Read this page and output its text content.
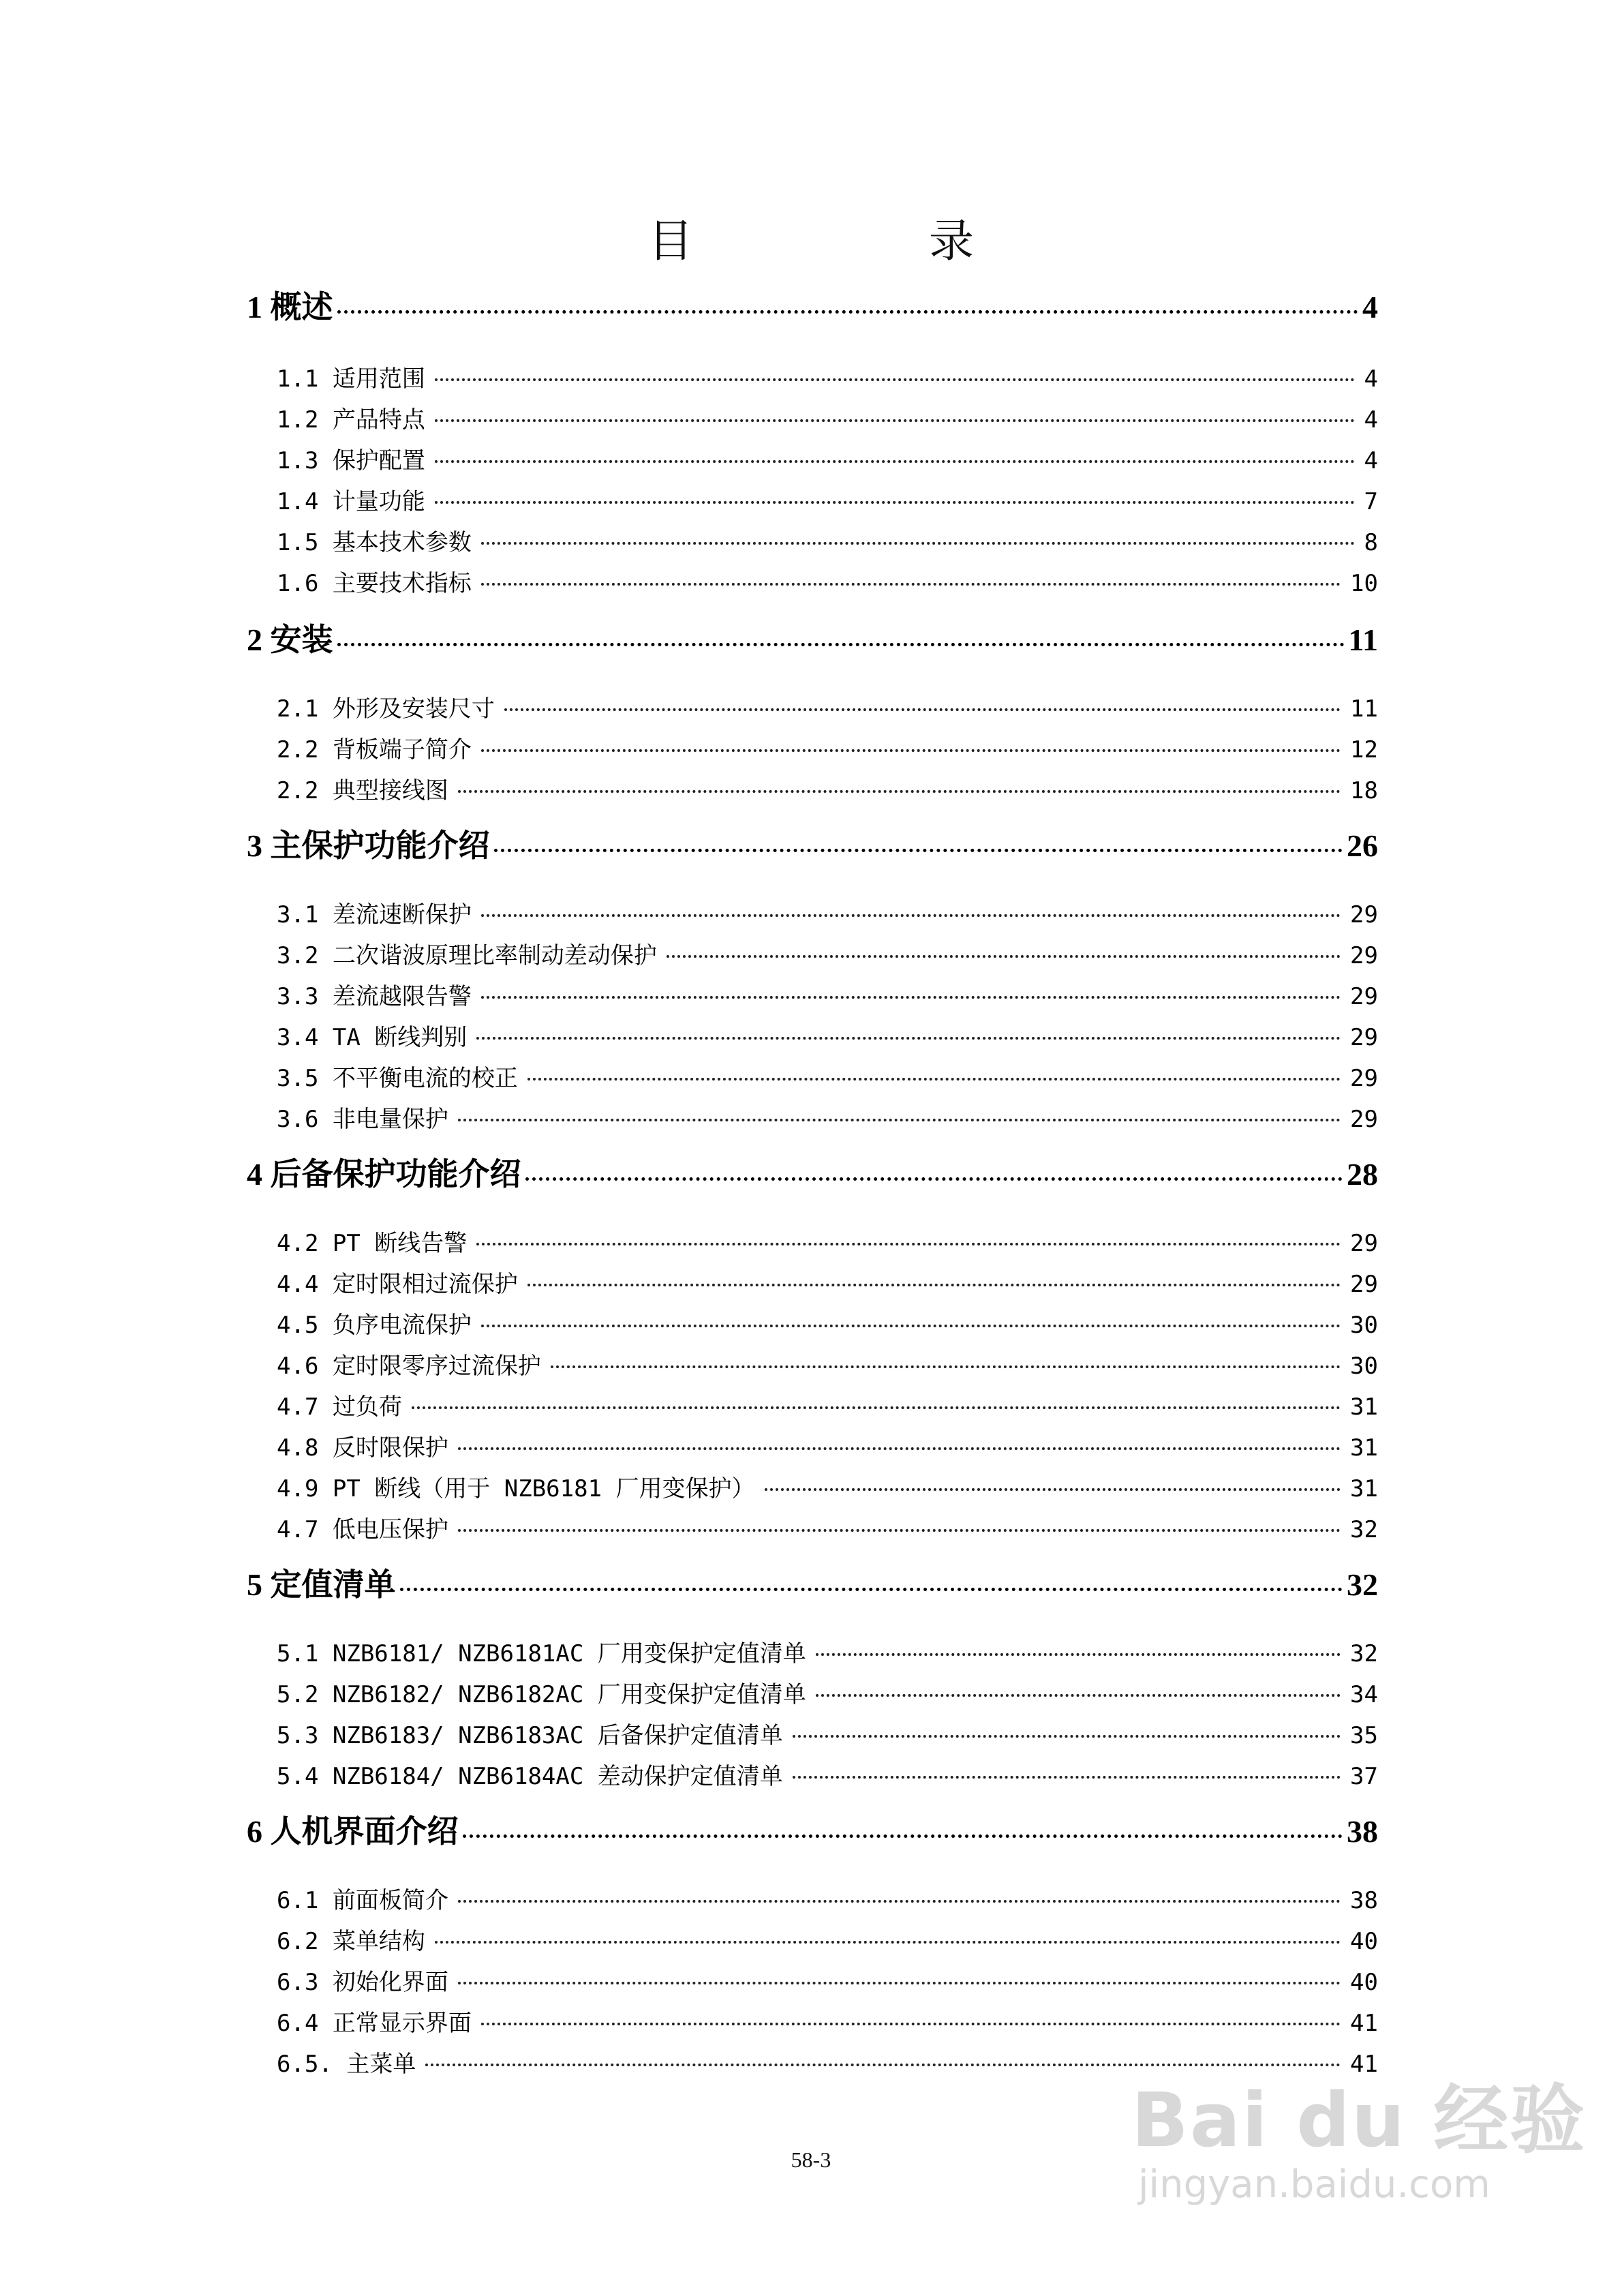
目　录
1 概述	4
1.1 适用范围	4
1.2 产品特点	4
1.3 保护配置	4
1.4 计量功能	7
1.5 基本技术参数	8
1.6 主要技术指标	10
2 安装	11
2.1 外形及安装尺寸	11
2.2 背板端子简介	12
2.2 典型接线图	18
3 主保护功能介绍	26
3.1 差流速断保护	29
3.2 二次谐波原理比率制动差动保护	29
3.3 差流越限告警	29
3.4 TA 断线判别	29
3.5 不平衡电流的校正	29
3.6 非电量保护	29
4 后备保护功能介绍	28
4.2 PT 断线告警	29
4.4 定时限相过流保护	29
4.5 负序电流保护	30
4.6 定时限零序过流保护	30
4.7 过负荷	31
4.8 反时限保护	31
4.9 PT 断线（用于 NZB6181 厂用变保护）	31
4.7 低电压保护	32
5 定值清单	32
5.1 NZB6181/ NZB6181AC 厂用变保护定值清单	32
5.2 NZB6182/ NZB6182AC 厂用变保护定值清单	34
5.3 NZB6183/ NZB6183AC 后备保护定值清单	35
5.4 NZB6184/ NZB6184AC 差动保护定值清单	37
6 人机界面介绍	38
6.1 前面板简介	38
6.2 菜单结构	40
6.3 初始化界面	40
6.4 正常显示界面	41
6.5. 主菜单	41
58-3	Bai du 经验
jingyan.baidu.com
